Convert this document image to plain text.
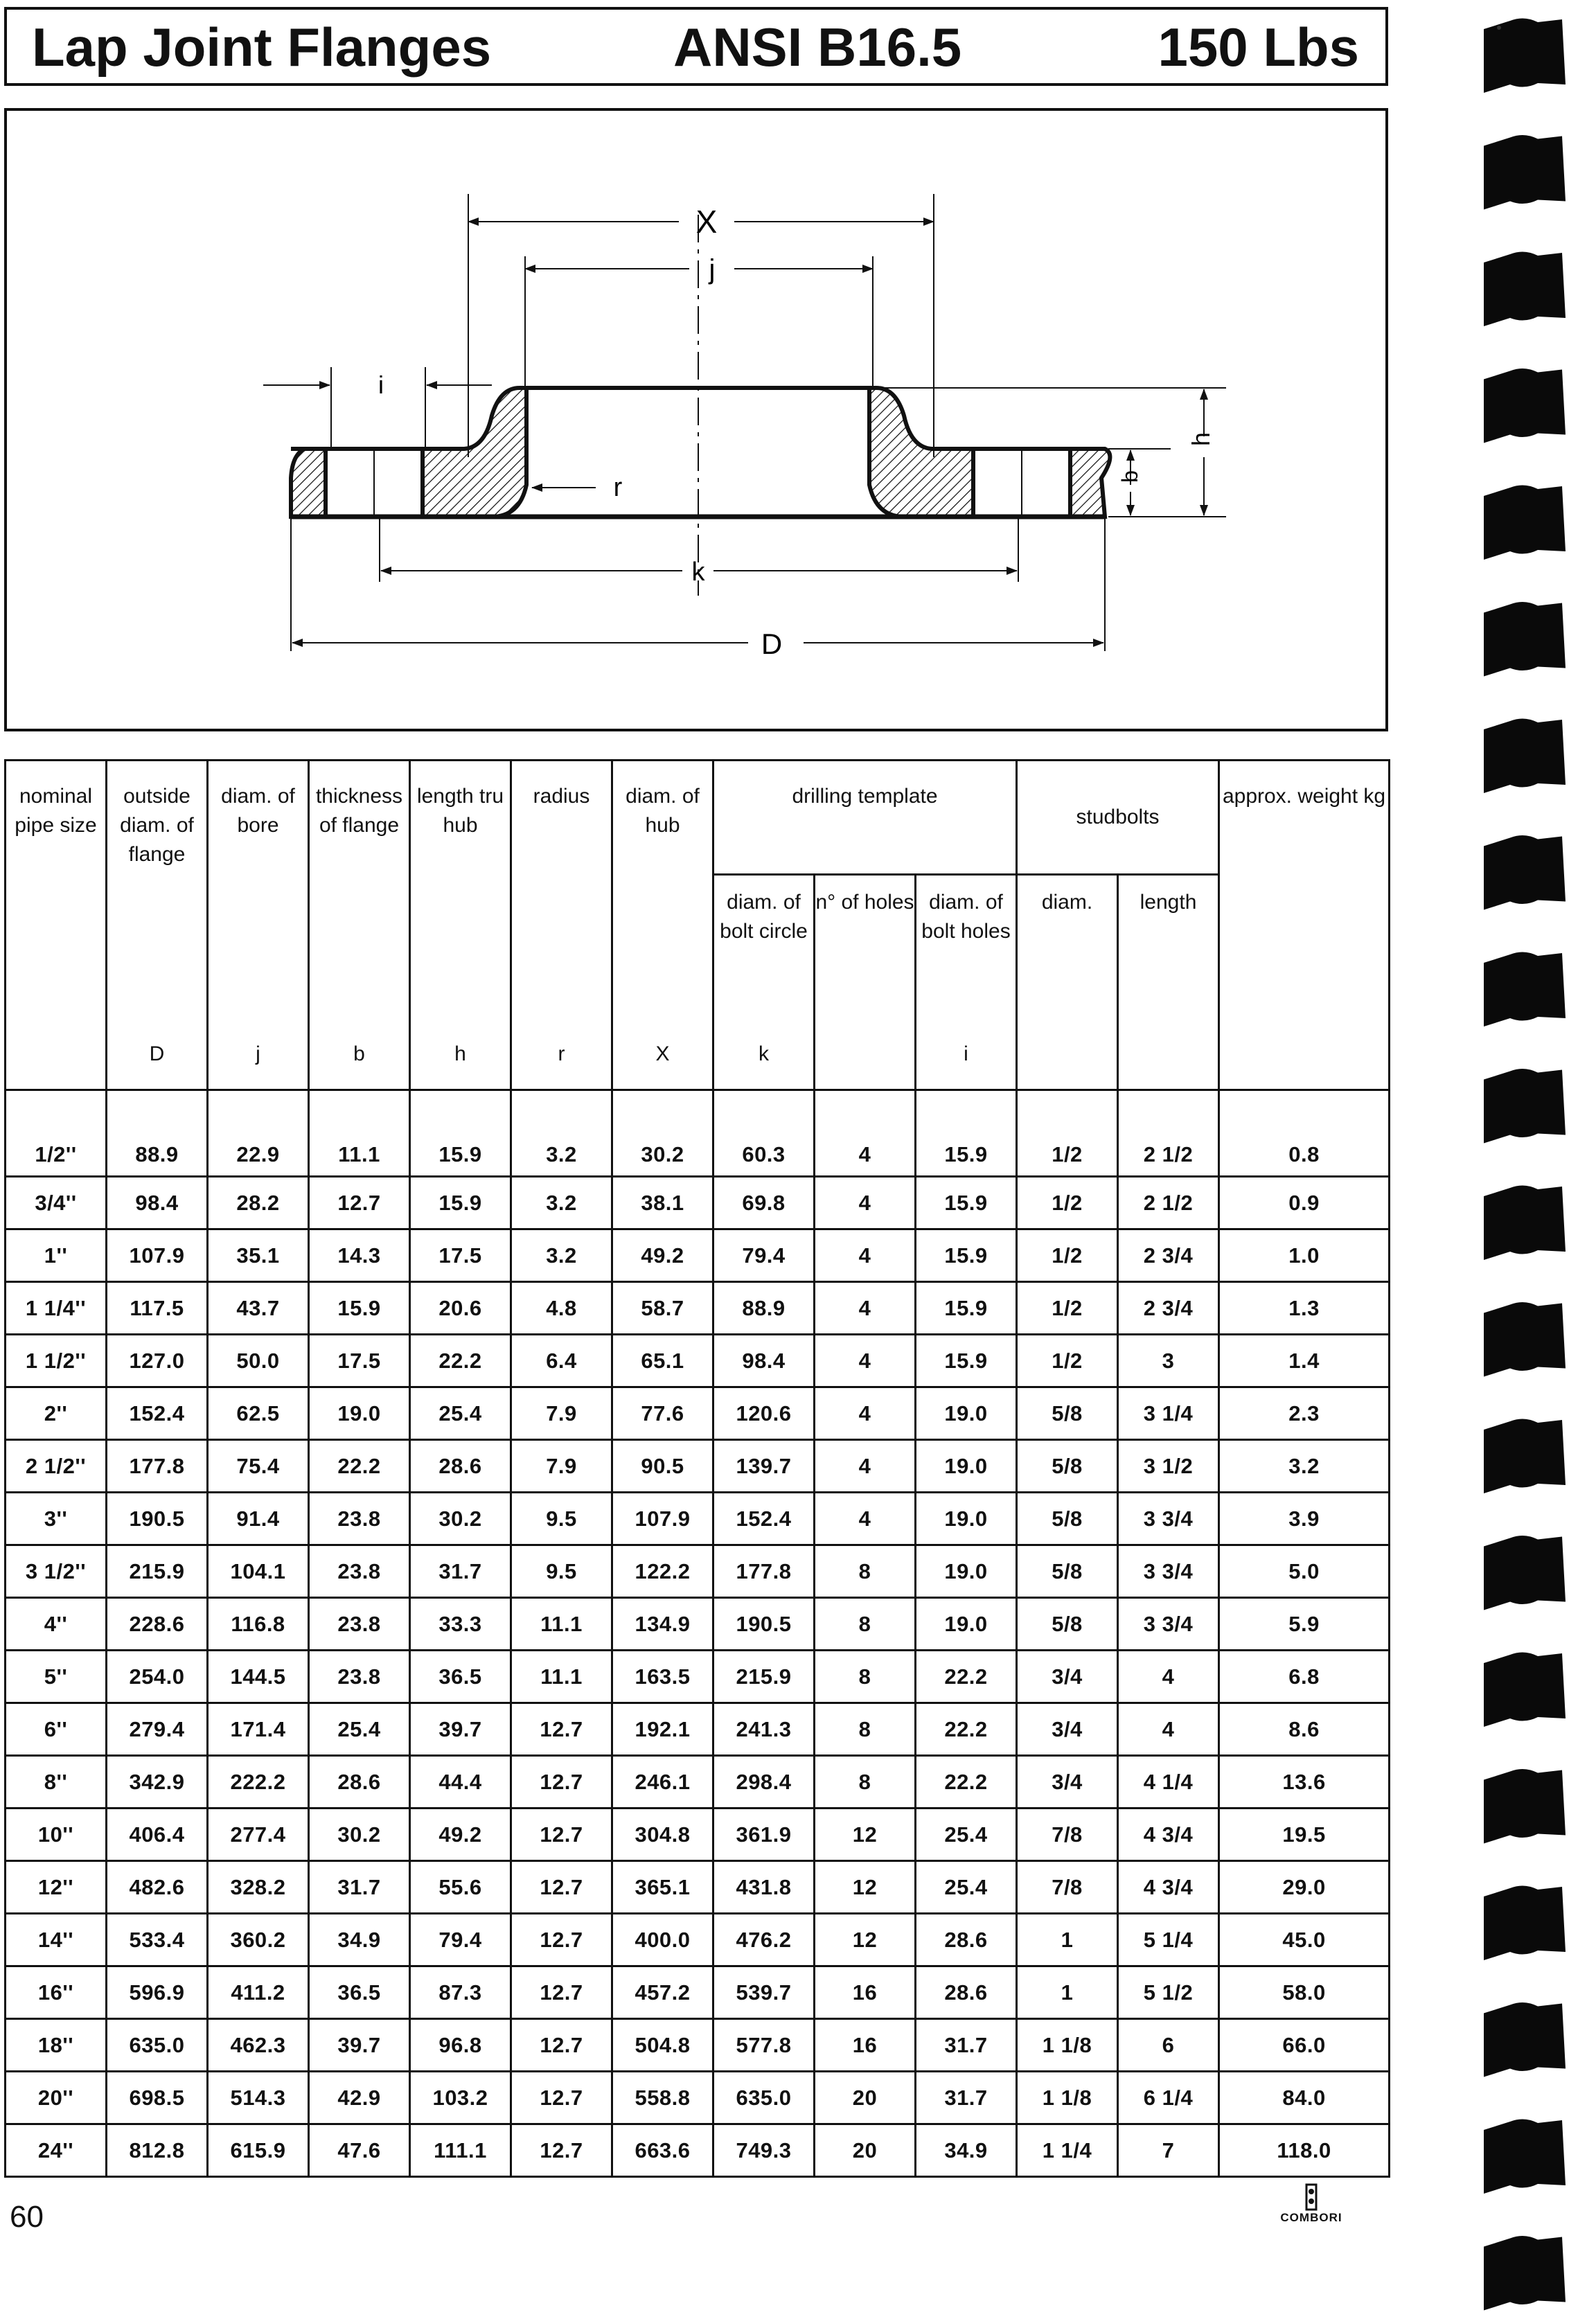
Lap Joint Flanges	ANSI B16.5	150 Lbs
X
j
i
r	b
h
k
D
nominal pipe size	outside diam. of flange	diam. of bore	thickness of flange	length tru hub	radius	diam. of hub	drilling template			studbolts		approx. weight kg
							diam. of bolt circle	n° of holes	diam. of bolt holes	diam.	length	
	D	j	b	h	r	X	k		i			
1/2''	88.9	22.9	11.1	15.9	3.2	30.2	60.3	4	15.9	1/2	2 1/2	0.8
3/4''	98.4	28.2	12.7	15.9	3.2	38.1	69.8	4	15.9	1/2	2 1/2	0.9
1''	107.9	35.1	14.3	17.5	3.2	49.2	79.4	4	15.9	1/2	2 3/4	1.0
1 1/4''	117.5	43.7	15.9	20.6	4.8	58.7	88.9	4	15.9	1/2	2 3/4	1.3
1 1/2''	127.0	50.0	17.5	22.2	6.4	65.1	98.4	4	15.9	1/2	3	1.4
2''	152.4	62.5	19.0	25.4	7.9	77.6	120.6	4	19.0	5/8	3 1/4	2.3
2 1/2''	177.8	75.4	22.2	28.6	7.9	90.5	139.7	4	19.0	5/8	3 1/2	3.2
3''	190.5	91.4	23.8	30.2	9.5	107.9	152.4	4	19.0	5/8	3 3/4	3.9
3 1/2''	215.9	104.1	23.8	31.7	9.5	122.2	177.8	8	19.0	5/8	3 3/4	5.0
4''	228.6	116.8	23.8	33.3	11.1	134.9	190.5	8	19.0	5/8	3 3/4	5.9
5''	254.0	144.5	23.8	36.5	11.1	163.5	215.9	8	22.2	3/4	4	6.8
6''	279.4	171.4	25.4	39.7	12.7	192.1	241.3	8	22.2	3/4	4	8.6
8''	342.9	222.2	28.6	44.4	12.7	246.1	298.4	8	22.2	3/4	4 1/4	13.6
10''	406.4	277.4	30.2	49.2	12.7	304.8	361.9	12	25.4	7/8	4 3/4	19.5
12''	482.6	328.2	31.7	55.6	12.7	365.1	431.8	12	25.4	7/8	4 3/4	29.0
14''	533.4	360.2	34.9	79.4	12.7	400.0	476.2	12	28.6	1	5 1/4	45.0
16''	596.9	411.2	36.5	87.3	12.7	457.2	539.7	16	28.6	1	5 1/2	58.0
18''	635.0	462.3	39.7	96.8	12.7	504.8	577.8	16	31.7	1 1/8	6	66.0
20''	698.5	514.3	42.9	103.2	12.7	558.8	635.0	20	31.7	1 1/8	6 1/4	84.0
24''	812.8	615.9	47.6	111.1	12.7	663.6	749.3	20	34.9	1 1/4	7	118.0
60	COMBORI
